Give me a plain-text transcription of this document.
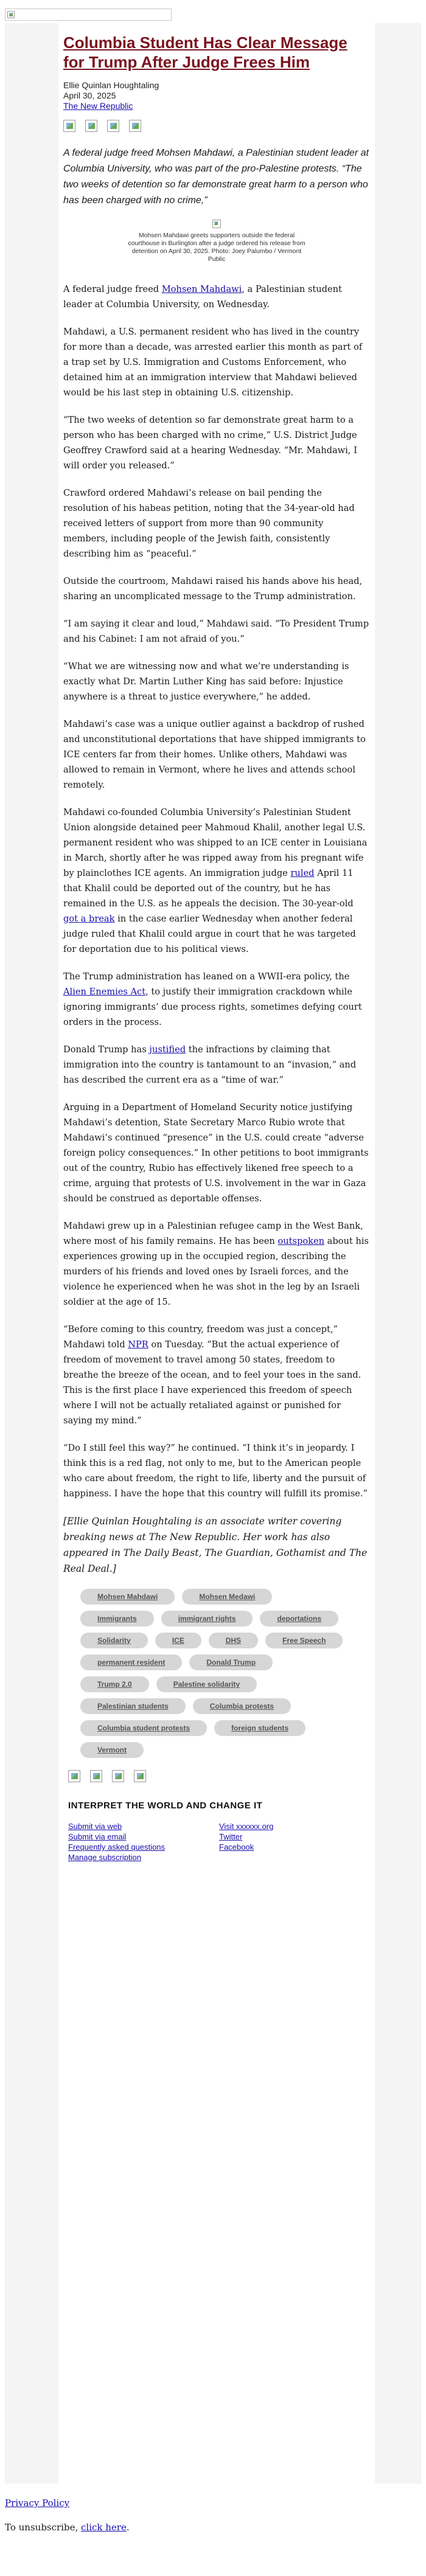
Columbia Student Has Clear Message for Trump After Judge Frees Him
Ellie Quinlan Houghtaling
April 30, 2025
The New Republic
A federal judge freed Mohsen Mahdawi, a Palestinian student leader at Columbia University, who was part of the pro-Palestine protests. “The two weeks of detention so far demonstrate great harm to a person who has been charged with no crime,”
Mohsen Mahdawi greets supporters outside the federal courthouse in Burlington after a judge ordered his release from detention on April 30, 2025. Photo: Joey Palumbo / Vermont Public

A federal judge freed Mohsen Mahdawi, a Palestinian student leader at Columbia University, on Wednesday.

Mahdawi, a U.S. permanent resident who has lived in the country for more than a decade, was arrested earlier this month as part of a trap set by U.S. Immigration and Customs Enforcement, who detained him at an immigration interview that Mahdawi believed would be his last step in obtaining U.S. citizenship.

“The two weeks of detention so far demonstrate great harm to a person who has been charged with no crime,” U.S. District Judge Geoffrey Crawford said at a hearing Wednesday. “Mr. Mahdawi, I will order you released.”

Crawford ordered Mahdawi’s release on bail pending the resolution of his habeas petition, noting that the 34-year-old had received letters of support from more than 90 community members, including people of the Jewish faith, consistently describing him as “peaceful.”

Outside the courtroom, Mahdawi raised his hands above his head, sharing an uncomplicated message to the Trump administration.

“I am saying it clear and loud,” Mahdawi said. “To President Trump and his Cabinet: I am not afraid of you.”

“What we are witnessing now and what we’re understanding is exactly what Dr. Martin Luther King has said before: Injustice anywhere is a threat to justice everywhere,” he added.

Mahdawi’s case was a unique outlier against a backdrop of rushed and unconstitutional deportations that have shipped immigrants to ICE centers far from their homes. Unlike others, Mahdawi was allowed to remain in Vermont, where he lives and attends school remotely.

Mahdawi co-founded Columbia University’s Palestinian Student Union alongside detained peer Mahmoud Khalil, another legal U.S. permanent resident who was shipped to an ICE center in Louisiana in March, shortly after he was ripped away from his pregnant wife by plainclothes ICE agents. An immigration judge ruled April 11 that Khalil could be deported out of the country, but he has remained in the U.S. as he appeals the decision. The 30-year-old got a break in the case earlier Wednesday when another federal judge ruled that Khalil could argue in court that he was targeted for deportation due to his political views.

The Trump administration has leaned on a WWII-era policy, the Alien Enemies Act, to justify their immigration crackdown while ignoring immigrants’ due process rights, sometimes defying court orders in the process.

Donald Trump has justified the infractions by claiming that immigration into the country is tantamount to an “invasion,” and has described the current era as a “time of war.”

Arguing in a Department of Homeland Security notice justifying Mahdawi’s detention, State Secretary Marco Rubio wrote that Mahdawi’s continued “presence” in the U.S. could create “adverse foreign policy consequences.” In other petitions to boot immigrants out of the country, Rubio has effectively likened free speech to a crime, arguing that protests of U.S. involvement in the war in Gaza should be construed as deportable offenses.

Mahdawi grew up in a Palestinian refugee camp in the West Bank, where most of his family remains. He has been outspoken about his experiences growing up in the occupied region, describing the murders of his friends and loved ones by Israeli forces, and the violence he experienced when he was shot in the leg by an Israeli soldier at the age of 15.

“Before coming to this country, freedom was just a concept,” Mahdawi told NPR on Tuesday. “But the actual experience of freedom of movement to travel among 50 states, freedom to breathe the breeze of the ocean, and to feel your toes in the sand. This is the first place I have experienced this freedom of speech where I will not be actually retaliated against or punished for saying my mind.”

“Do I still feel this way?” he continued. “I think it’s in jeopardy. I think this is a red flag, not only to me, but to the American people who care about freedom, the right to life, liberty and the pursuit of happiness. I have the hope that this country will fulfill its promise.”

[Ellie Quinlan Houghtaling is an associate writer covering breaking news at The New Republic. Her work has also appeared in The Daily Beast, The Guardian, Gothamist and The Real Deal.]

Mohsen Mahdawi	Mohsen Medawi
Immigrants	immigrant rights	deportations
Solidarity	ICE	DHS	Free Speech
permanent resident	Donald Trump
Trump 2.0	Palestine solidarity
Palestinian students	Columbia protests
Columbia student protests	foreign students
Vermont
INTERPRET THE WORLD AND CHANGE IT
Submit via web
Submit via email
Frequently asked questions
Manage subscription
Visit xxxxxx.org
Twitter
Facebook
Privacy Policy
To unsubscribe, click here.
